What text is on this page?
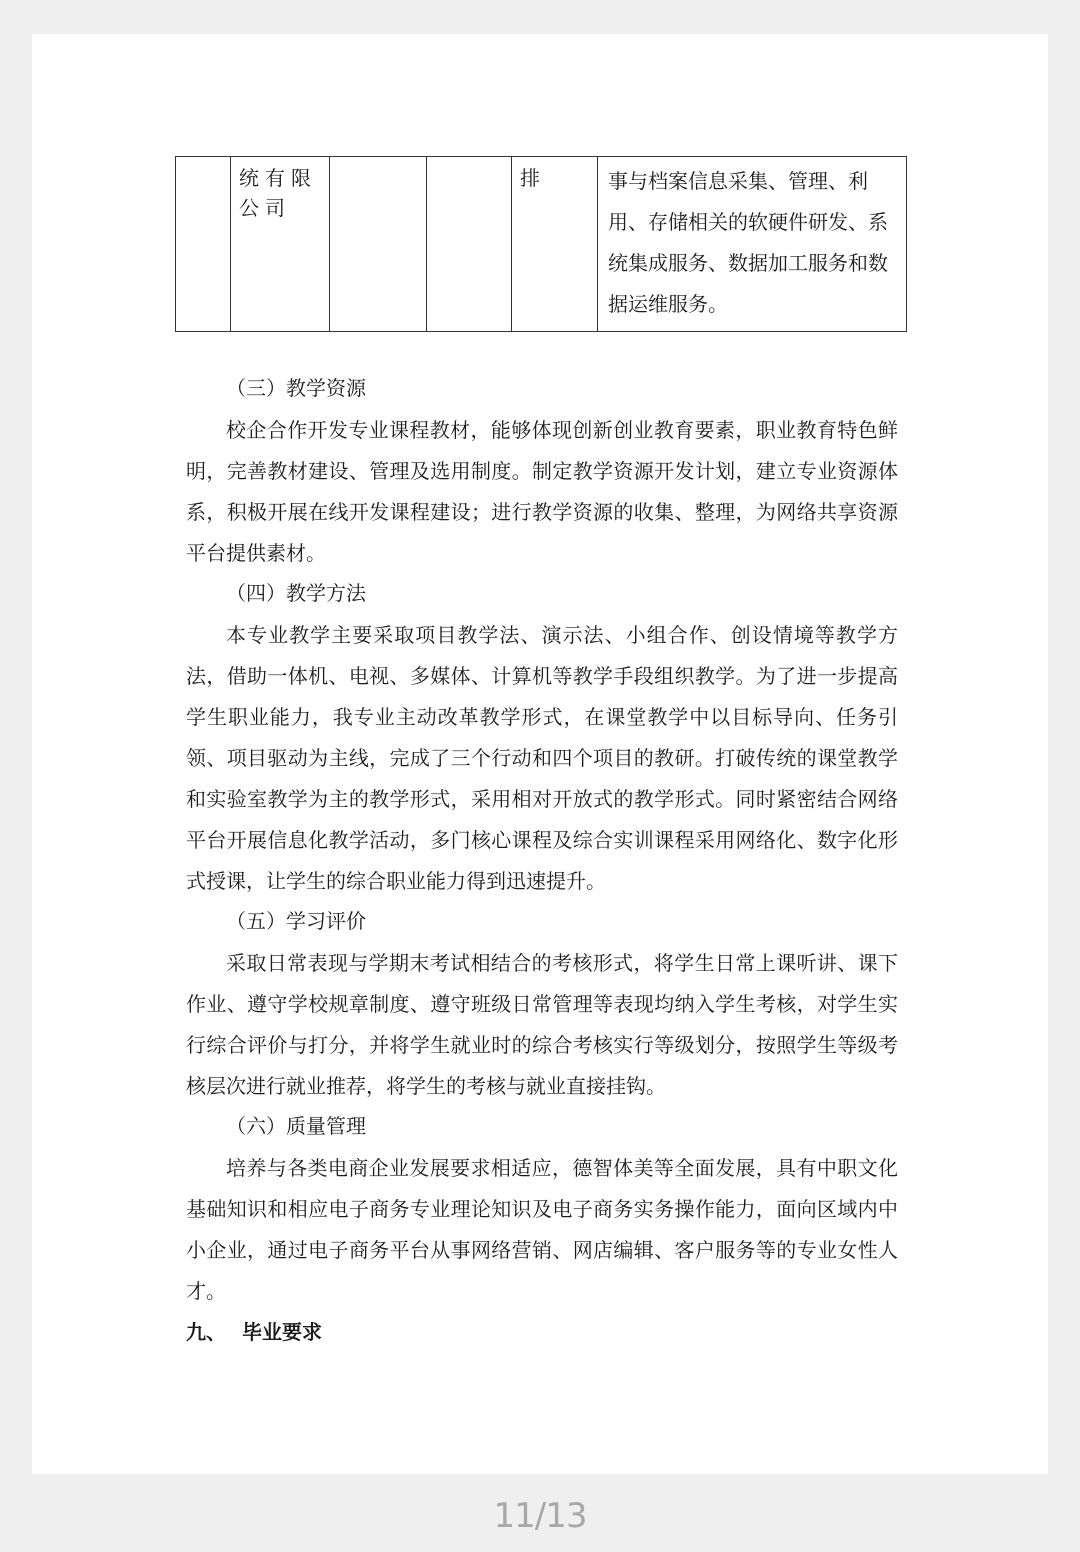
	统有限公司			排	事与档案信息采集、管理、利用、存储相关的软硬件研发、系统集成服务、数据加工服务和数据运维服务。

（三）教学资源

校企合作开发专业课程教材，能够体现创新创业教育要素，职业教育特色鲜明，完善教材建设、管理及选用制度。制定教学资源开发计划，建立专业资源体系，积极开展在线开发课程建设；进行教学资源的收集、整理，为网络共享资源平台提供素材。

（四）教学方法

本专业教学主要采取项目教学法、演示法、小组合作、创设情境等教学方法，借助一体机、电视、多媒体、计算机等教学手段组织教学。为了进一步提高学生职业能力，我专业主动改革教学形式，在课堂教学中以目标导向、任务引领、项目驱动为主线，完成了三个行动和四个项目的教研。打破传统的课堂教学和实验室教学为主的教学形式，采用相对开放式的教学形式。同时紧密结合网络平台开展信息化教学活动，多门核心课程及综合实训课程采用网络化、数字化形式授课，让学生的综合职业能力得到迅速提升。

（五）学习评价

采取日常表现与学期末考试相结合的考核形式，将学生日常上课听讲、课下作业、遵守学校规章制度、遵守班级日常管理等表现均纳入学生考核，对学生实行综合评价与打分，并将学生就业时的综合考核实行等级划分，按照学生等级考核层次进行就业推荐，将学生的考核与就业直接挂钩。

（六）质量管理

培养与各类电商企业发展要求相适应，德智体美等全面发展，具有中职文化基础知识和相应电子商务专业理论知识及电子商务实务操作能力，面向区域内中小企业，通过电子商务平台从事网络营销、网店编辑、客户服务等的专业女性人才。

九、 毕业要求

11/13
